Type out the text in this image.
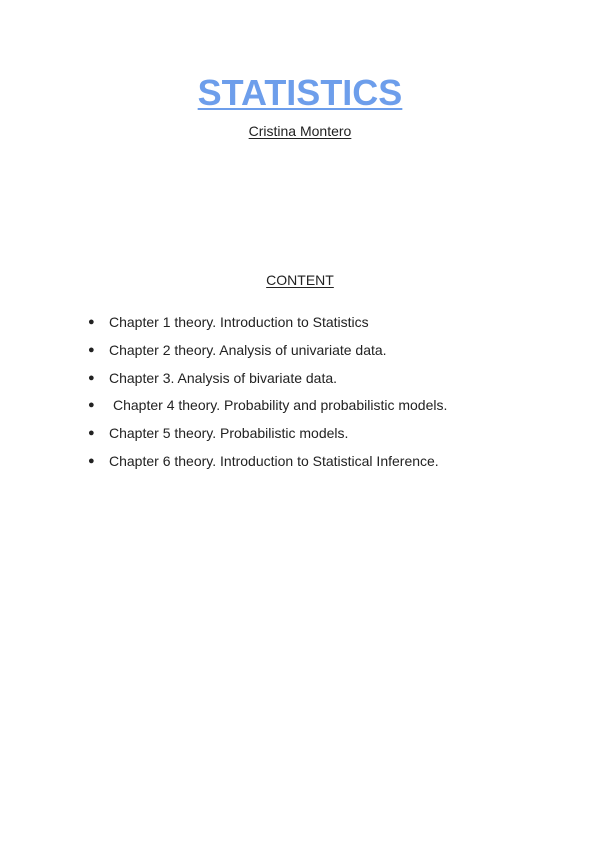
STATISTICS
Cristina Montero
CONTENT
●	Chapter 1 theory. Introduction to Statistics
●	Chapter 2 theory. Analysis of univariate data.
●	Chapter 3. Analysis of bivariate data.
●	Chapter 4 theory. Probability and probabilistic models.
●	Chapter 5 theory. Probabilistic models.
●	Chapter 6 theory. Introduction to Statistical Inference.
